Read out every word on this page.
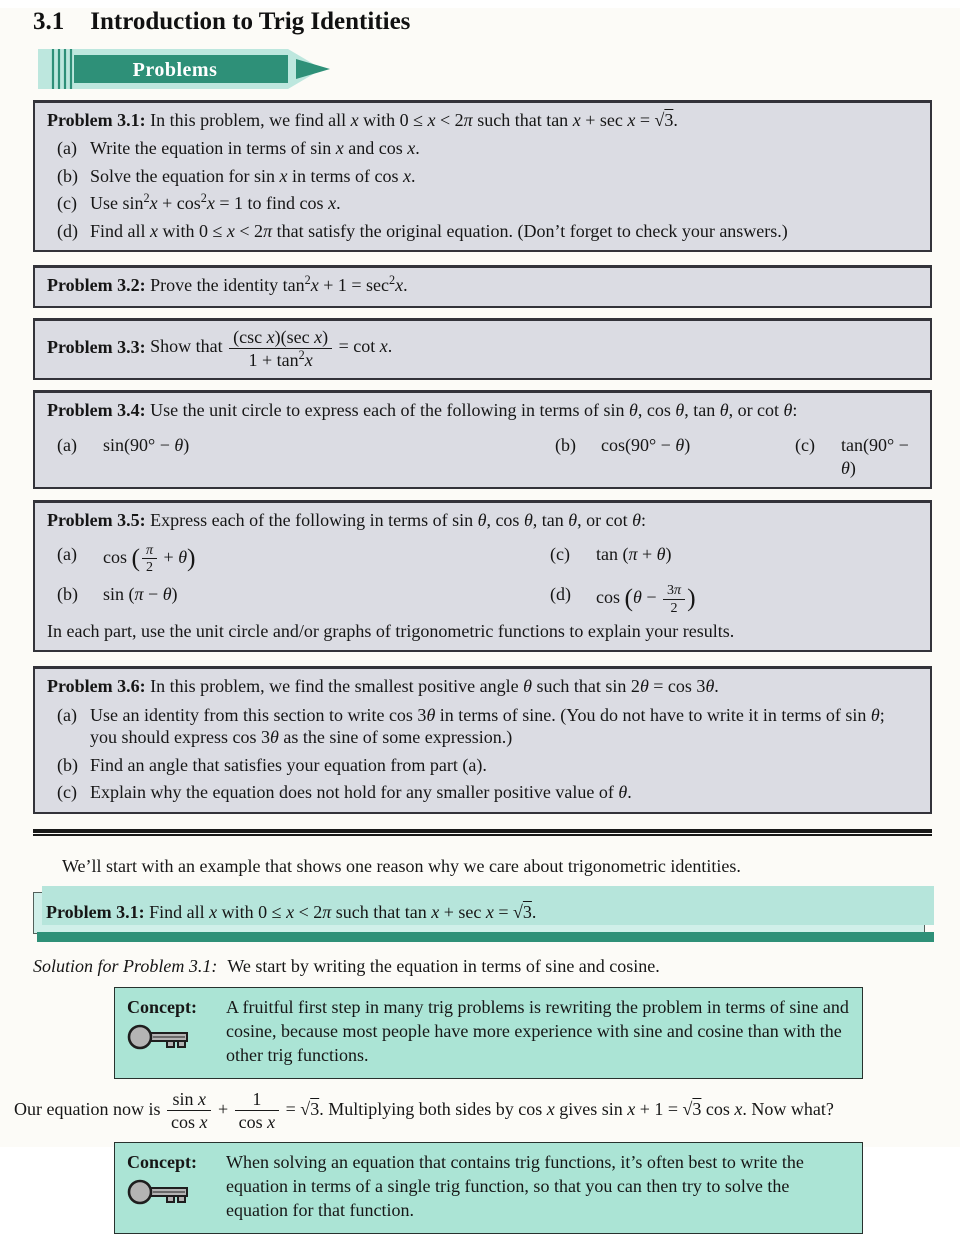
3.1 Introduction to Trig Identities
Problems

Problem 3.1: In this problem, we find all x with 0 ≤ x < 2π such that tan x + sec x = √3.

(a) Write the equation in terms of sin x and cos x.
(b) Solve the equation for sin x in terms of cos x.
(c) Use $\sin^2x + \cos^2x = 1$ to find cos x.
(d) Find all x with 0 ≤ x < 2π that satisfy the original equation. (Don’t forget to check your answers.)

Problem 3.2: Prove the identity $\tan^2x + 1 = \sec^2x$.

Problem 3.3: Show that $\frac{\text{(csc x)(sec x)}}{1 + \tan^2x} = \cot x$.

Problem 3.4: Use the unit circle to express each of the following in terms of sin θ, cos θ, tan θ, or cot θ:

(a)	sin(90° − θ)	(b)	cos(90° − θ)	(c)	tan(90° − θ)

Problem 3.5: Express each of the following in terms of sin θ, cos θ, tan θ, or cot θ:

(a)	cos ( $\frac{\pi}{2} + \theta$)	(c)	tan (π + θ)
(b)	sin (π − θ)	(d)	$\cos (\theta - \frac{3\pi}{2}$ )

In each part, use the unit circle and/or graphs of trigonometric functions to explain your results.

Problem 3.6: In this problem, we find the smallest positive angle θ such that sin 2θ = cos 3θ.

(a) Use an identity from this section to write cos 3θ in terms of sine. (You do not have to write it in terms of sin θ; you should express cos 3θ as the sine of some expression.)
(b) Find an angle that satisfies your equation from part (a).
(c) Explain why the equation does not hold for any smaller positive value of θ.

We’ll start with an example that shows one reason why we care about trigonometric identities.

Problem 3.1: Find all x with 0 ≤ x < 2π such that tan x + sec x = √3.

Solution for Problem 3.1: We start by writing the equation in terms of sine and cosine.

Concept:	A fruitful first step in many trig problems is rewriting the problem in terms of sine and cosine, because most people have more experience with sine and cosine than with the other trig functions.

Our equation now is $\frac{\text{sin x}}{\text{cos x}} + \frac{1}{\text{cos x}} = √3$. Multiplying both sides by cos x gives sin x + 1 = √3 cos x. Now what?

Concept:	When solving an equation that contains trig functions, it’s often best to write the equation in terms of a single trig function, so that you can then try to solve the equation for that function.
